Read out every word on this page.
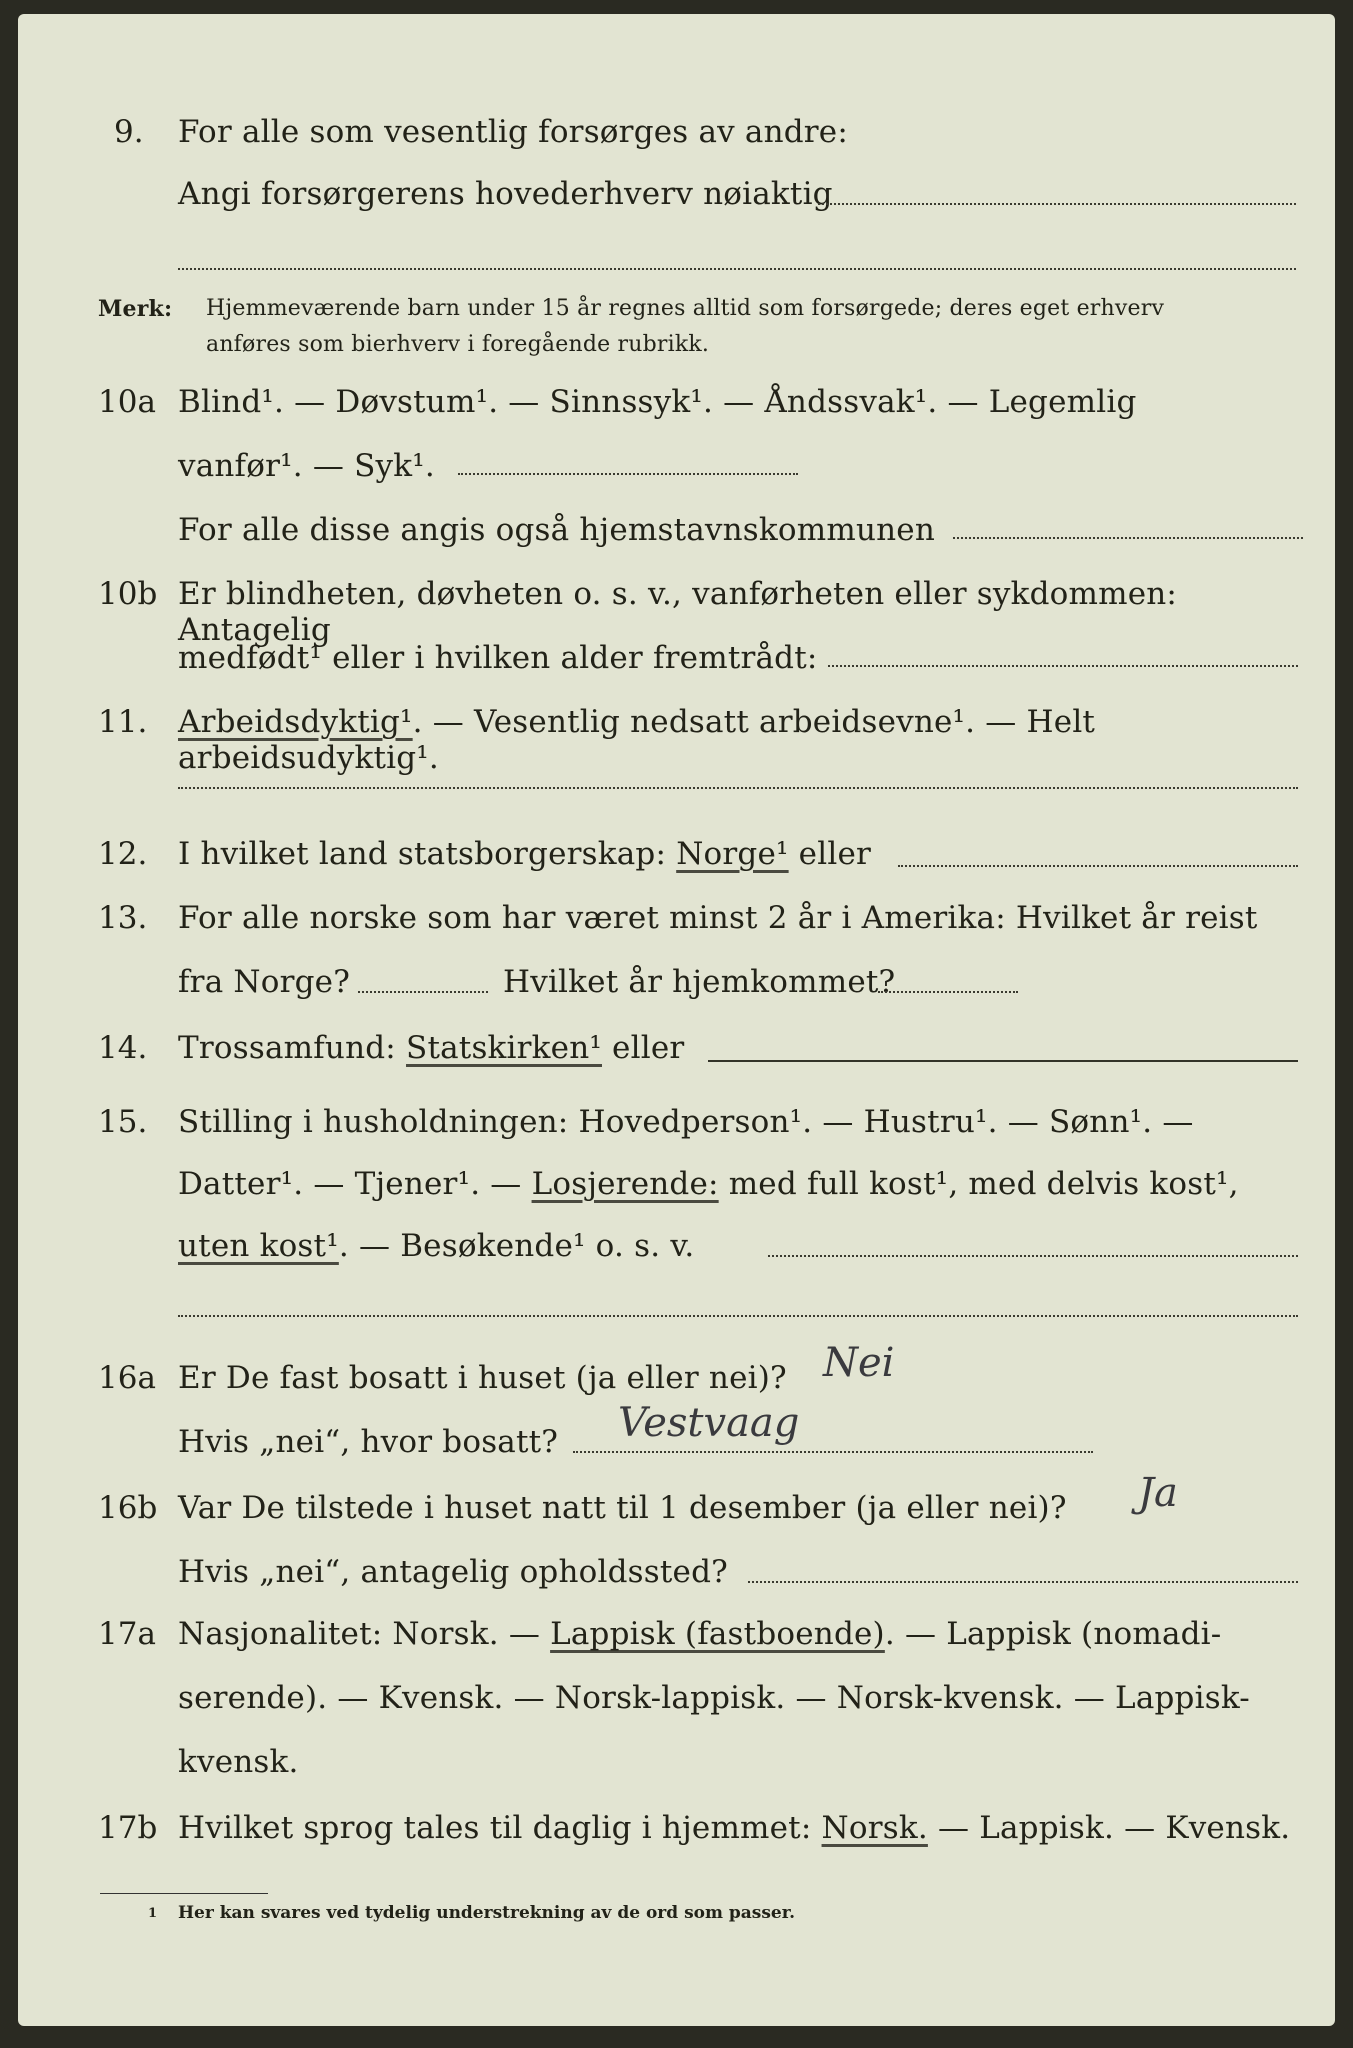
9.	For alle som vesentlig forsørges av andre:
Angi forsørgerens hovederhverv nøiaktig
Merk: Hjemmeværende barn under 15 år regnes alltid som forsørgede; deres eget erhverv
anføres som bierhverv i foregående rubrikk.
10a Blind¹. — Døvstum¹. — Sinnssyk¹. — Åndssvak¹. — Legemlig
vanfør¹. — Syk¹.
For alle disse angis også hjemstavnskommunen
10b Er blindheten, døvheten o. s. v., vanførheten eller sykdommen: Antagelig
medfødt¹ eller i hvilken alder fremtrådt:
11. Arbeidsdyktig¹. — Vesentlig nedsatt arbeidsevne¹. — Helt arbeidsudyktig¹.
12. I hvilket land statsborgerskap: Norge¹ eller
13. For alle norske som har været minst 2 år i Amerika: Hvilket år reist
fra Norge?	Hvilket år hjemkommet?
14. Trossamfund: Statskirken¹ eller
15. Stilling i husholdningen: Hovedperson¹. — Hustru¹. — Sønn¹. —
Datter¹. — Tjener¹. — Losjerende: med full kost¹, med delvis kost¹,
uten kost¹. — Besøkende¹ o. s. v.
16a Er De fast bosatt i huset (ja eller nei)? Nei
Hvis „nei“, hvor bosatt? Vestvaag
16b Var De tilstede i huset natt til 1 desember (ja eller nei)? Ja
Hvis „nei“, antagelig opholdssted?
17a Nasjonalitet: Norsk. — Lappisk (fastboende). — Lappisk (nomadi-
serende). — Kvensk. — Norsk-lappisk. — Norsk-kvensk. — Lappisk-
kvensk.
17b Hvilket sprog tales til daglig i hjemmet: Norsk. — Lappisk. — Kvensk.
1 Her kan svares ved tydelig understrekning av de ord som passer.
